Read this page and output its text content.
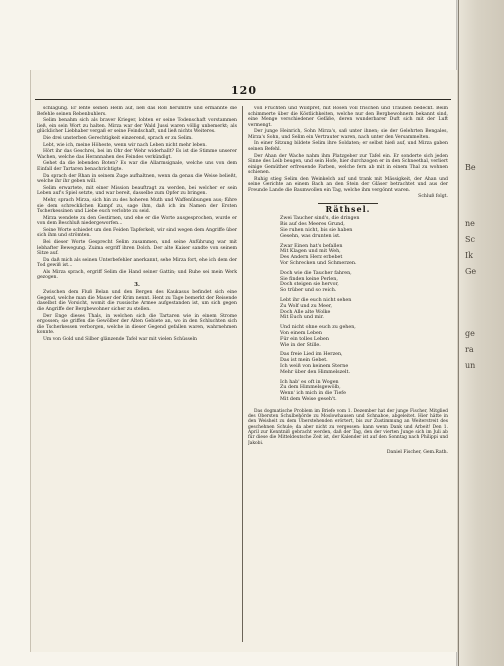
Be
ne
Sc
Ik
Ge
ge
ra
un
120

schlagung. Er lehte seinen Helm auf, ließ das Roß herumtre und ermannte die Befehle seinen Rebenbuhlers.

Selim benahm sich als braver Krieger, lobten er seine Todenschaft vorstammen ließ, ein sein Wort zu halten. Mirza war der Wald Jussi waren völlig unbemerkt; als glücklicher Liebhaber vergaß er seine Feindschaft, und ließ nichts Weiteres.

Die drei unsterben Gerechtigkeit einzerend, sprach er zu Selim.

Lebt, wie ich, meine Höheste, wenn wir nach Leben nicht mehr leben.

Hört ihr das Geschrei, bei im Ohr der Wehr widerhallt? Es ist die Stimme unserer Wachen, welche das Herannahen des Feindes verkündigt.

Gehet da die lebenden Boten? Es war die Allarmsignale, welche uns von dem Einfall der Tartaren benachrichtigte.

Da sprach der Rhan in seinem Zuge aufhaltnen, wenn da genau die Weise beließt, welche ihr ihr geben will.

Selim erwartete, mit einer Mission beauftragt zu werden, bei welcher er sein Leben auf's Spiel setzte, und war bereit, dasselbe zum Opfer zu bringen.

Mehr, sprach Mirza, sich hin zu des hoheren Muth und Waffenübungen aus; führe sie dem schrecklichen Kampf zu, sage ihm, daß ich im Namen der Ersten Tscherkessinen und Liebe euch verlobte zu seid.

Mirza wendete zu den Gestirnen, und ehe er die Worte ausgesprochen, wurde er von dem Beschluß niedergeworfen...

Seine Worte schiedet um den Feiden Tapferkeit, wir sind wegen dem Angriffe über sich ihm und strömten.

Bei dieser Worte Gesprecht Selim zusammen, und seine Anführung war mit lebhafter Bewegung. Zuima ergriff ihren Dolch. Der alte Kaiser sandte von seinem Sitze auf.

Da daß mich als seinen Unterbefehler anerkannt, sehe Mirza fort, ehe ich dem der Tod gewiß ist...

Als Mirza sprach, ergriff Selim die Hand seiner Gattin; und Ruhe sei mein Werk gezogen.

3.

Zwischen dem Fluß Belan und den Bergen des Kaukasus befindet sich eine Gegend, welche man die Mauer der Krim nennt. Hent zu Tage bemerkt der Reisende daselbst die Vorsicht, womit die russische Armee aufgestanden ist, um sich gegen die Angriffe der Bergbewohner sicher zu stellen.

Der Enge dieses Thals, in welchen sich die Tartaren wie in einem Strome ergossen; sie griffen die Gewölber der Alten Gebiete an, wo in den Schluchten sich die Tscherkessen verborgen, welche in dieser Gegend gefallen waren, wahrnehmen konnte.

Um von Gold und Silber glänzende Tafel war mit vielen Schüsseln

voll Früchten und Wildpret, mit Rosen voll frischen und Trauben bedeckt. Beim schimmerte über die Köstlichkeiten, welche nur den Bergbewohnern bekannt sind, eine Menge verschiedener Gefäße, deren wunderbarer Duft sich mit der Luft vermengt.

Der junge Heinrich, Sohn Mirza's, saß unter ihnen; sie der Gelehrten Bengales, Mirza's Sohn, und Selim ein Vertrauter waren, nach unter den Versammelten.

In einer Sitzung bildete Selim ihre Soldaten; er selbst hieß auf, und Mirza gaben seinen Befehl.

Der Ahan der Wache nahm ihm Platzgeber zur Tafel ein. Er sonderte sich jeden Sinne des Leib beugen, und sein Hofe, hier durchzogen er in den Schneethal, verliert einige Gemüther erfreuende Farben, welche fern ab mit in einem Thal zu wohnen schienen.

Ruhig stieg Selim den Weinkelch auf und trank mit Mässigkeit, der Ahan und seine Gerichte an einem Bach an den Stein der Gläser betrachtet und aus der Freunde Lande die Baumwollen ein Tag, welche ihm vergönnt waren.

Schluß folgt.
Räthsel.
Zwei Taucher sind's, die dringen
Bis auf des Meeres Grund,
Sie ruhen nicht, bis sie haben
Gesehn, was drunten ist.
Zwar Einen hat's befallen
Mit Klagen und mit Weh,
Des Andern Herz erbebet
Vor Schrecken und Schmerzen.
Doch wie die Taucher fahren,
Sie finden keine Perlen,
Doch steigen sie hervor,
So trüber und so reich.
Lebt ihr die euch nicht sehen
Zu Wolf und zu Meer,
Doch Alle alte Wolke
Mit Euch und mir.
Und nicht ohne euch zu gehen,
Von einem Leben
Für ein tolles Leben
Wie in der Stille.
Das freie Lied im Herzen,
Das ist mein Gebet.
Ich weiß von keinem Sterne
Mehr über den Himmelszelt.
Ich hab' es oft in Wogen
Zu dem Himmelsgewölb,
Wenn' ich mich in die Tiefe
Mit dem Weise geseh't.

Das dogmatische Problem im Briefe vom 1. Dezember hat der junge Fischer, Mitglied des Obersten Schulbehörde zu Moslowhausen und Schnaboe, abgeleitet. Hier hätte in den Weisheit zu dem Überstehenden erörtert, bis zur Zustimmung an Weiterstreit des geschehnen Schule; da aber nicht zu vergessen: kann wenn Dank und Arbeit! Den 1. April zur Kenntniß gebracht werden, daß der Tag, den der vierten Junge sich im Juli ab für diese die Mitteldeutsche Zeit ist, der Kalender ist auf den Sonntag nach Philippi und Jakobi.

Daniel Fischer, Gem.Rath.
